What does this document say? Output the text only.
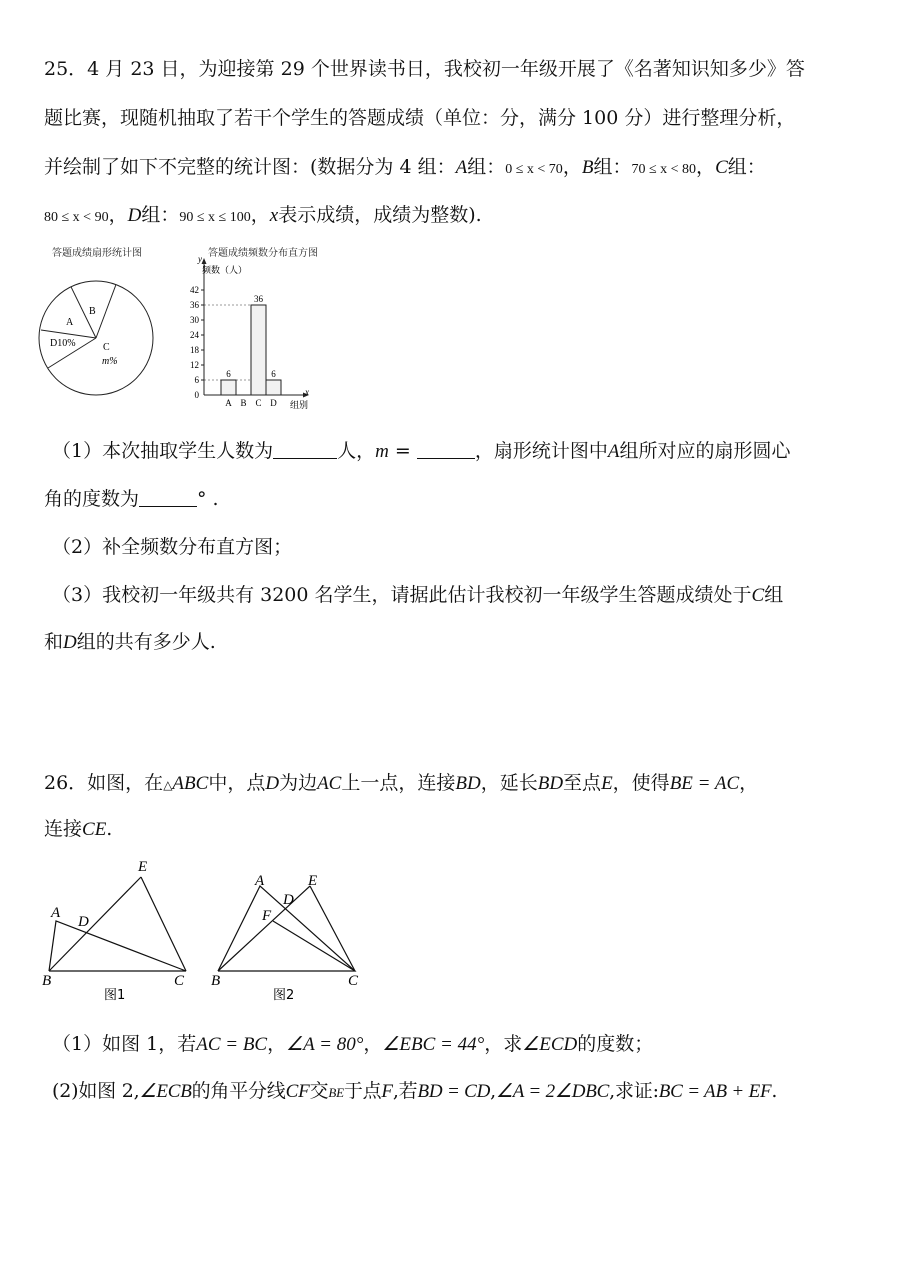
25．4 月 23 日，为迎接第 29 个世界读书日，我校初一年级开展了《名著知识知多少》答
题比赛，现随机抽取了若干个学生的答题成绩（单位：分，满分 100 分）进行整理分析，
并绘制了如下不完整的统计图：(数据分为 4 组：A组：0 ≤ x < 70，B组：70 ≤ x < 80，C组：
80 ≤ x < 90，D组：90 ≤ x ≤ 100，x表示成绩，成绩为整数).
答题成绩扇形统计图
A
B
D10%	C
m%
答题成绩频数分布直方图
0
6
12
18
24
30
36
42
A B C D
6
36
6
y
频数（人）
x
组别
（1）本次抽取学生人数为	人，m =	，扇形统计图中A组所对应的扇形圆心
角的度数为	° .
（2）补全频数分布直方图；
（3）我校初一年级共有 3200 名学生，请据此估计我校初一年级学生答题成绩处于C组
和D组的共有多少人.
26．如图，在△ABC中，点D为边AC上一点，连接BD，延长BD至点E，使得BE = AC，
连接CE.
E
A
D
B	C
图1
A	E
D
F
B	C
图2
（1）如图 1，若AC = BC，∠A = 80°，∠EBC = 44°，求∠ECD的度数；
(2)如图 2,∠ECB的角平分线CF交BE于点F,若BD = CD,∠A = 2∠DBC,求证:BC = AB + EF.
